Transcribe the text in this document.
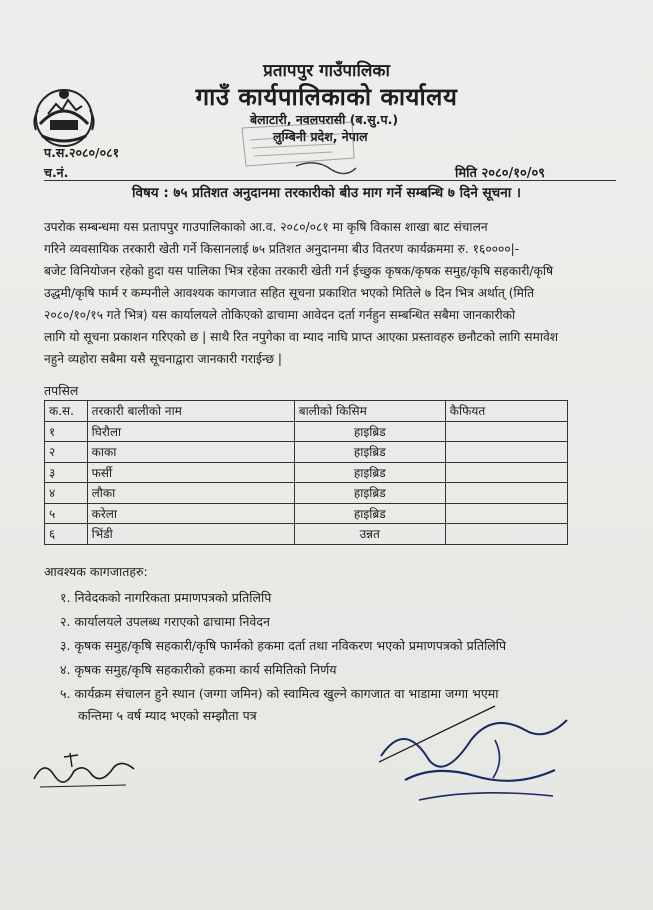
प्रतापपुर गाउँपालिका
गाउँ कार्यपालिकाको कार्यालय
बेलाटारी, नवलपरासी (ब.सु.प.)
लुम्बिनी प्रदेश, नेपाल
प.स.२०८०/०८१
च.नं.	मिति २०८०/१०/०९
विषय : ७५ प्रतिशत अनुदानमा तरकारीको बीउ माग गर्ने सम्बन्धि ७ दिने सूचना ।
उपरोक सम्बन्धमा यस प्रतापपुर गाउपालिकाको आ.व. २०८०/०८१ मा कृषि विकास शाखा बाट संचालन
गरिने व्यवसायिक तरकारी खेती गर्ने किसानलाई ७५ प्रतिशत अनुदानमा बीउ वितरण कार्यक्रममा रु. १६००००|-
बजेट विनियोजन रहेको हुदा यस पालिका भित्र रहेका तरकारी खेती गर्न ईच्छुक कृषक/कृषक समुह/कृषि सहकारी/कृषि
उद्धमी/कृषि फार्म र कम्पनीले आवश्यक कागजात सहित सूचना प्रकाशित भएको मितिले ७ दिन भित्र अर्थात् (मिति
२०८०/१०/१५ गते भित्र) यस कार्यालयले तोकिएको ढाचामा आवेदन दर्ता गर्नहुन सम्बन्धित सबैमा जानकारीको
लागि यो सूचना प्रकाशन गरिएको छ | साथै रित नपुगेका वा म्याद नाघि प्राप्त आएका प्रस्तावहरु छनौटको लागि समावेश
नहुने व्यहोरा सबैमा यसै सूचनाद्वारा जानकारी गराईन्छ |
तपसिल
क.स.	तरकारी बालीको नाम	बालीको किसिम	कैफियत
१	घिरौला	हाइब्रिड	
२	काका	हाइब्रिड	
३	फर्सी	हाइब्रिड	
४	लौका	हाइब्रिड	
५	करेला	हाइब्रिड	
६	भिंडी	उन्नत	
आवश्यक कागजातहरु:
१. निवेदकको नागरिकता प्रमाणपत्रको प्रतिलिपि
२. कार्यालयले उपलब्ध गराएको ढाचामा निवेदन
३. कृषक समुह/कृषि सहकारी/कृषि फार्मको हकमा दर्ता तथा नविकरण भएको प्रमाणपत्रको प्रतिलिपि
४. कृषक समुह/कृषि सहकारीको हकमा कार्य समितिको निर्णय
५. कार्यक्रम संचालन हुने स्थान (जग्गा जमिन) को स्वामित्व खुल्ने कागजात वा भाडामा जग्गा भएमा
कन्तिमा ५ वर्ष म्याद भएको सम्झौता पत्र
